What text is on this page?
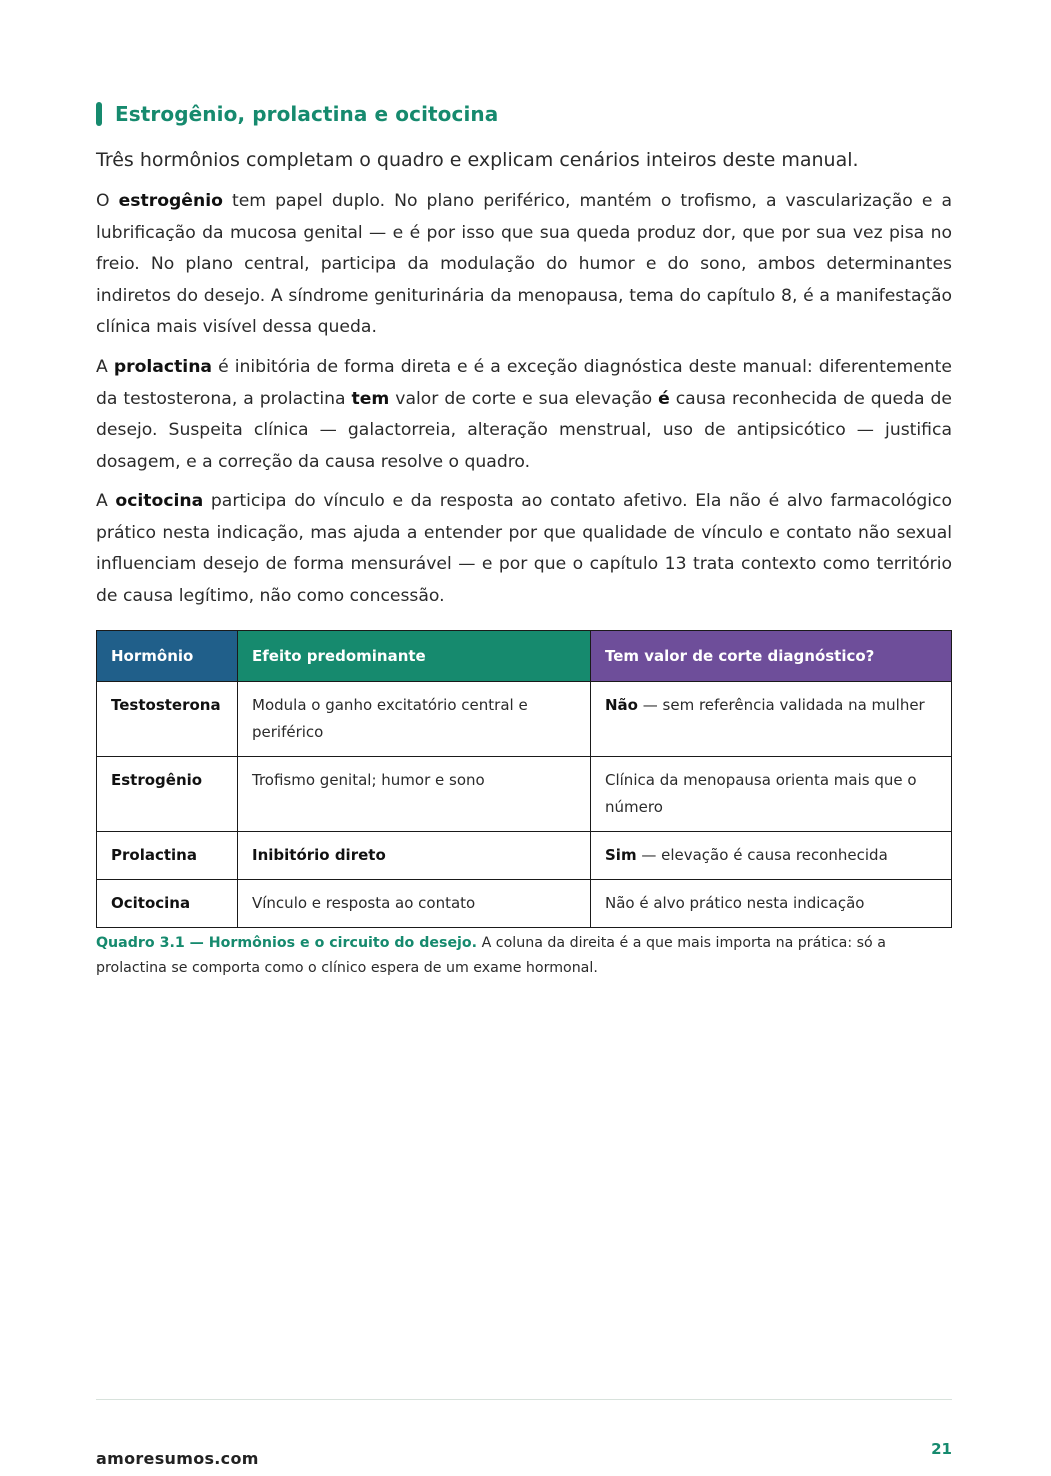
Estrogênio, prolactina e ocitocina
Três hormônios completam o quadro e explicam cenários inteiros deste manual.
O estrogênio tem papel duplo. No plano periférico, mantém o trofismo, a vascularização e a lubrificação da mucosa genital — e é por isso que sua queda produz dor, que por sua vez pisa no freio. No plano central, participa da modulação do humor e do sono, ambos determinantes indiretos do desejo. A síndrome geniturinária da menopausa, tema do capítulo 8, é a manifestação clínica mais visível dessa queda.
A prolactina é inibitória de forma direta e é a exceção diagnóstica deste manual: diferentemente da testosterona, a prolactina tem valor de corte e sua elevação é causa reconhecida de queda de desejo. Suspeita clínica — galactorreia, alteração menstrual, uso de antipsicótico — justifica dosagem, e a correção da causa resolve o quadro.
A ocitocina participa do vínculo e da resposta ao contato afetivo. Ela não é alvo farmacológico prático nesta indicação, mas ajuda a entender por que qualidade de vínculo e contato não sexual influenciam desejo de forma mensurável — e por que o capítulo 13 trata contexto como território de causa legítimo, não como concessão.
Hormônio	Efeito predominante	Tem valor de corte diagnóstico?
Testosterona	Modula o ganho excitatório central e periférico	Não — sem referência validada na mulher
Estrogênio	Trofismo genital; humor e sono	Clínica da menopausa orienta mais que o número
Prolactina	Inibitório direto	Sim — elevação é causa reconhecida
Ocitocina	Vínculo e resposta ao contato	Não é alvo prático nesta indicação
Quadro 3.1 — Hormônios e o circuito do desejo. A coluna da direita é a que mais importa na prática: só a prolactina se comporta como o clínico espera de um exame hormonal.
amoresumos.com	21
